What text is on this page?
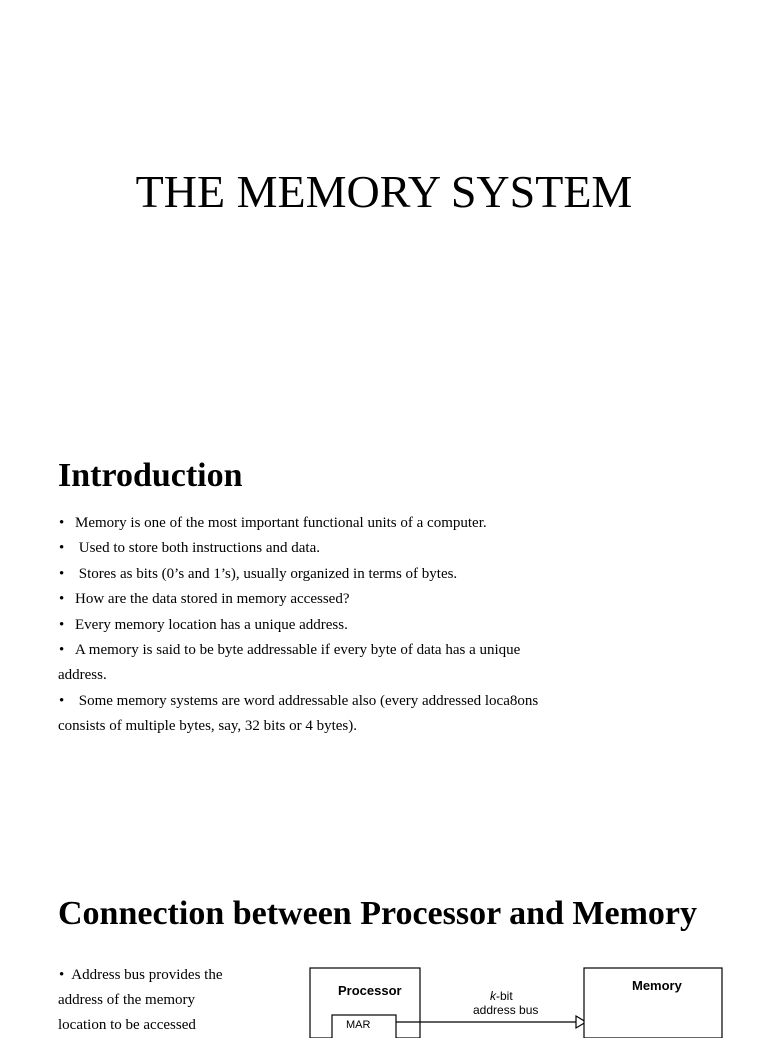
THE MEMORY SYSTEM
Introduction
• Memory is one of the most important functional units of a computer.
•  Used to store both instructions and data.
•  Stores as bits (0’s and 1’s), usually organized in terms of bytes.
• How are the data stored in memory accessed?
• Every memory location has a unique address.
• A memory is said to be byte addressable if every byte of data has a unique
address.
•  Some memory systems are word addressable also (every addressed loca8ons
consists of multiple bytes, say, 32 bits or 4 bytes).
Connection between Processor and Memory
• Address bus provides the
address of the memory
location to be accessed
Processor
MAR
k-bit
address bus
Memory
